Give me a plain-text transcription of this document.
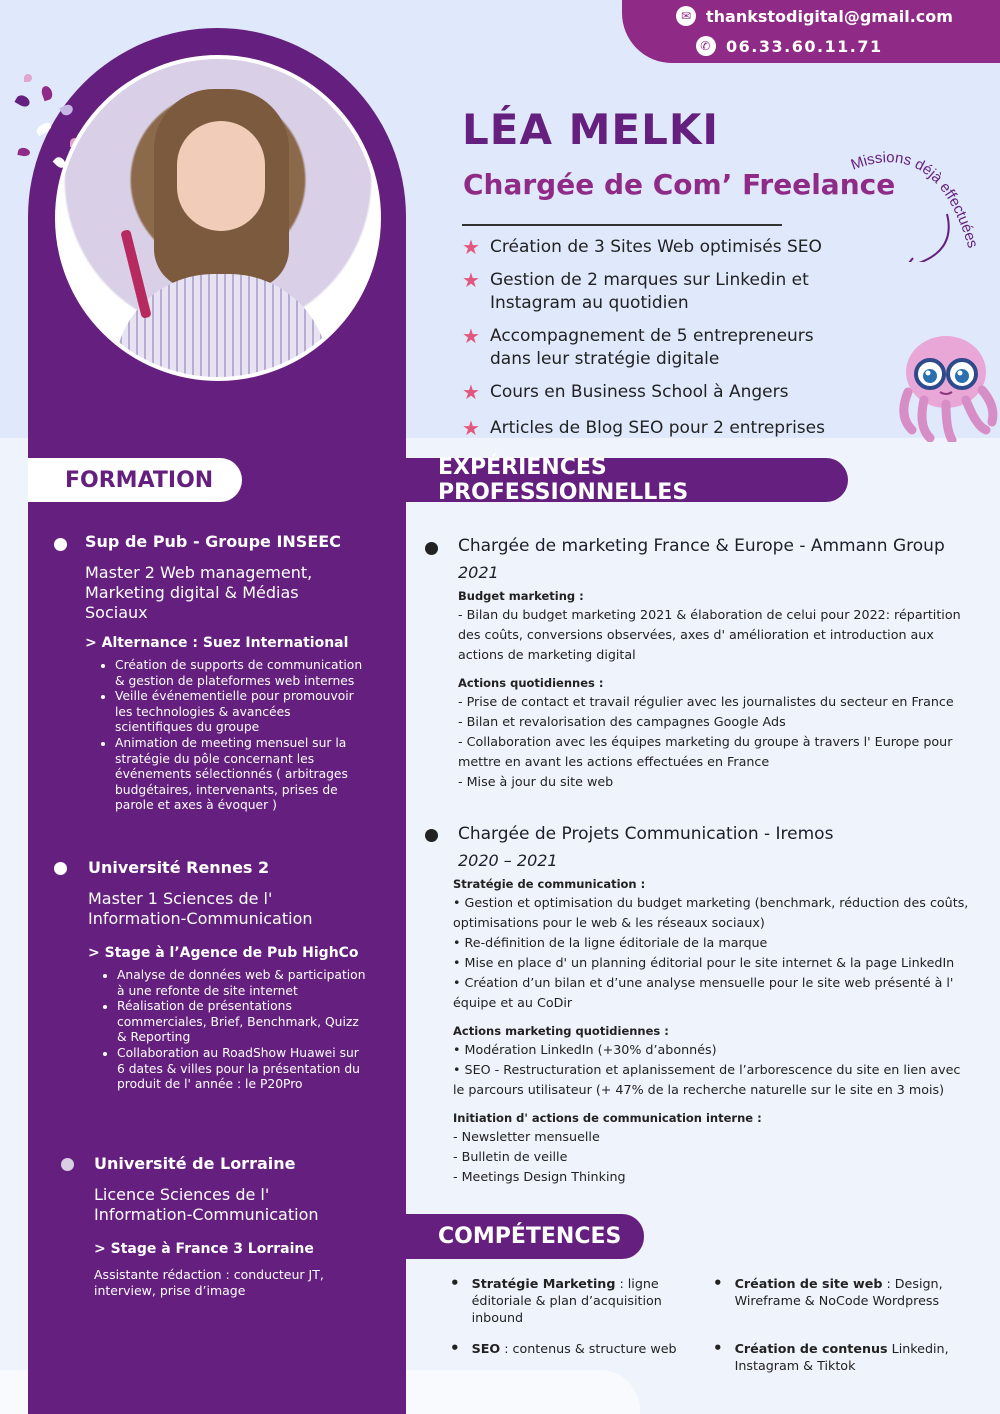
✉ thankstodigital@gmail.com
✆ 06.33.60.11.71
LÉA MELKI
Chargée de Com’ Freelance
★ Création de 3 Sites Web optimisés SEO
★ Gestion de 2 marques sur Linkedin et Instagram au quotidien
★ Accompagnement de 5 entrepreneurs dans leur stratégie digitale
★ Cours en Business School à Angers
★ Articles de Blog SEO pour 2 entreprises
Missions déjà effectuées
FORMATION	EXPÉRIENCES PROFESSIONNELLES
COMPÉTENCES
Sup de Pub - Groupe INSEEC
Master 2 Web management, Marketing digital & Médias Sociaux
> Alternance : Suez International
• Création de supports de communication & gestion de plateformes web internes
• Veille événementielle pour promouvoir les technologies & avancées scientifiques du groupe
• Animation de meeting mensuel sur la stratégie du pôle concernant les événements sélectionnés ( arbitrages budgétaires, intervenants, prises de parole et axes à évoquer )
Université Rennes 2
Master 1 Sciences de l' Information-Communication
> Stage à l’Agence de Pub HighCo
• Analyse de données web & participation à une refonte de site internet
• Réalisation de présentations commerciales, Brief, Benchmark, Quizz & Reporting
• Collaboration au RoadShow Huawei sur 6 dates & villes pour la présentation du produit de l' année : le P20Pro
Université de Lorraine
Licence Sciences de l' Information-Communication
> Stage à France 3 Lorraine

Assistante rédaction : conducteur JT, interview, prise d’image

Chargée de marketing France & Europe - Ammann Group
2021
Budget marketing :
- Bilan du budget marketing 2021 & élaboration de celui pour 2022: répartition des coûts, conversions observées, axes d' amélioration et introduction aux actions de marketing digital
Actions quotidiennes :
- Prise de contact et travail régulier avec les journalistes du secteur en France
- Bilan et revalorisation des campagnes Google Ads
- Collaboration avec les équipes marketing du groupe à travers l' Europe pour mettre en avant les actions effectuées en France
- Mise à jour du site web
Chargée de Projets Communication - Iremos
2020 – 2021
Stratégie de communication :
• Gestion et optimisation du budget marketing (benchmark, réduction des coûts, optimisations pour le web & les réseaux sociaux)
• Re-définition de la ligne éditoriale de la marque
• Mise en place d' un planning éditorial pour le site internet & la page LinkedIn
• Création d’un bilan et d’une analyse mensuelle pour le site web présenté à l' équipe et au CoDir
Actions marketing quotidiennes :
• Modération LinkedIn (+30% d’abonnés)
• SEO - Restructuration et aplanissement de l’arborescence du site en lien avec le parcours utilisateur (+ 47% de la recherche naturelle sur le site en 3 mois)
Initiation d' actions de communication interne :
- Newsletter mensuelle
- Bulletin de veille
- Meetings Design Thinking
• Stratégie Marketing : ligne éditoriale & plan d’acquisition inbound
• Création de site web : Design, Wireframe & NoCode Wordpress
• SEO : contenus & structure web • Création de contenus Linkedin, Instagram & Tiktok
